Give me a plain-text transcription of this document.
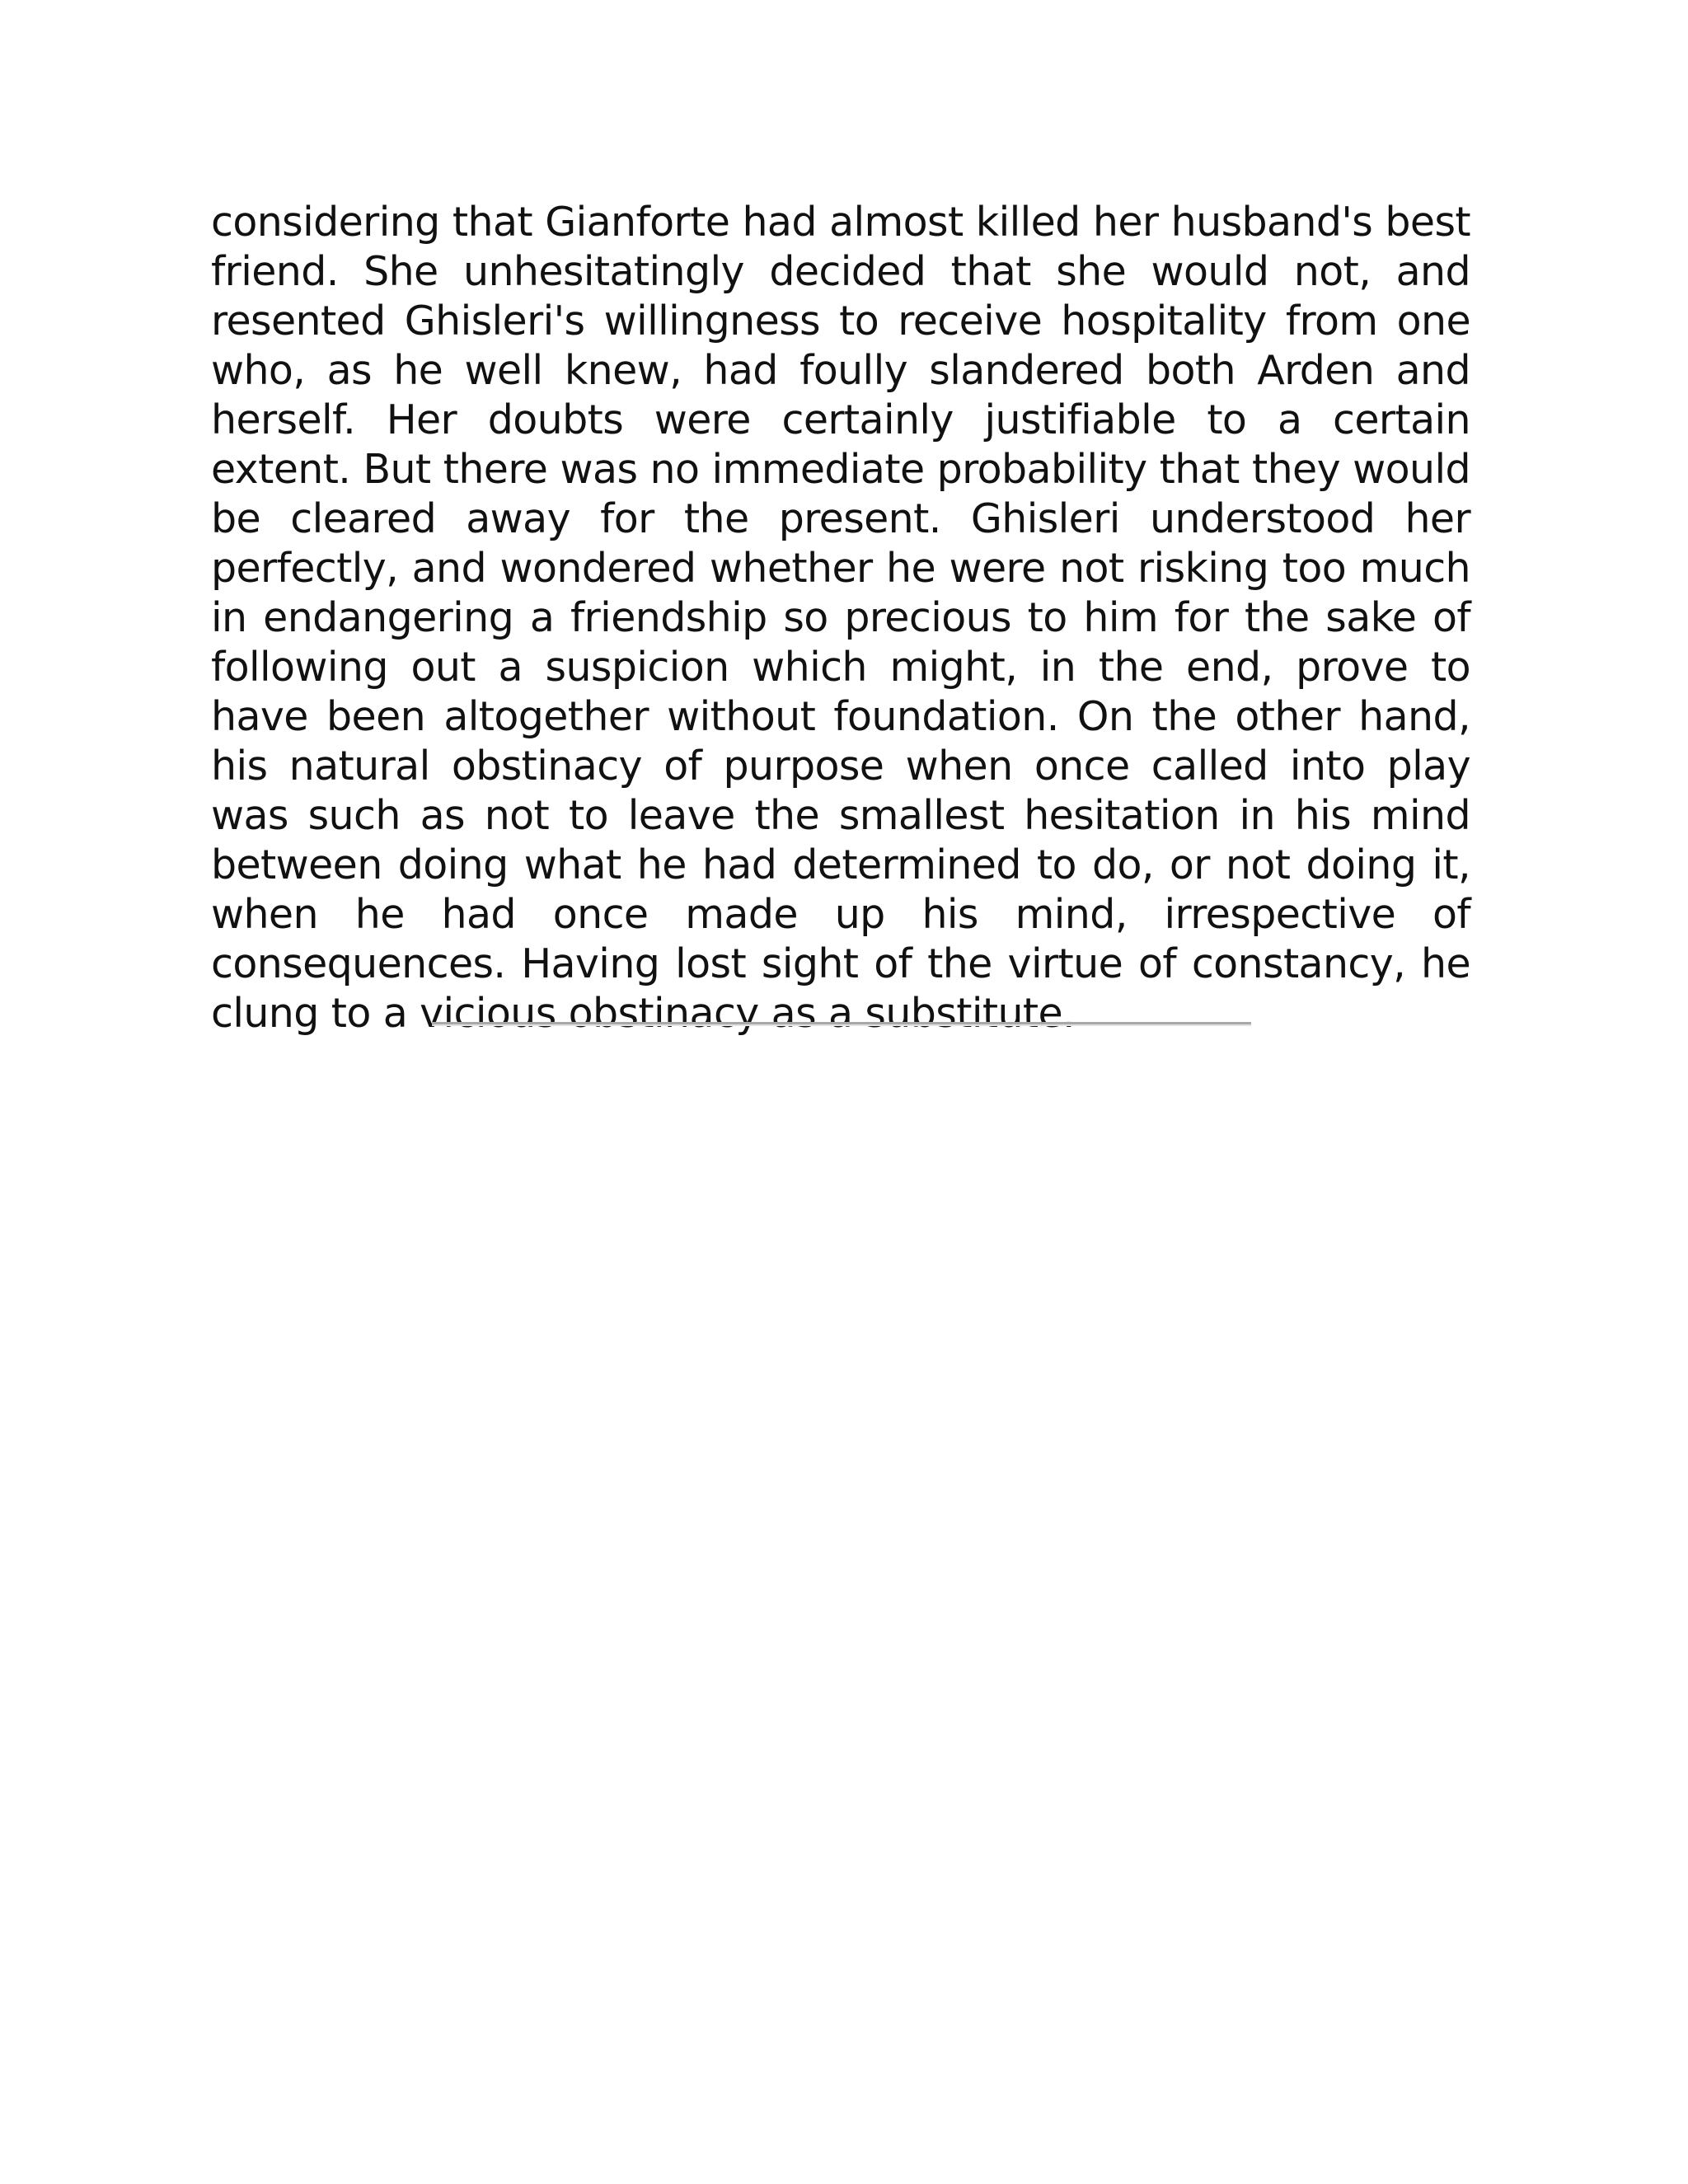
considering that Gianforte had almost killed her husband's best friend. She unhesitatingly decided that she would not, and resented Ghisleri's willingness to receive hospitality from one who, as he well knew, had foully slandered both Arden and herself. Her doubts were certainly justifiable to a certain extent. But there was no immediate probability that they would be cleared away for the present. Ghisleri understood her perfectly, and wondered whether he were not risking too much in endangering a friendship so precious to him for the sake of following out a suspicion which might, in the end, prove to have been altogether without foundation. On the other hand, his natural obstinacy of purpose when once called into play was such as not to leave the smallest hesitation in his mind between doing what he had determined to do, or not doing it, when he had once made up his mind, irrespective of consequences. Having lost sight of the virtue of constancy, he clung to a vicious obstinacy as a substitute.
